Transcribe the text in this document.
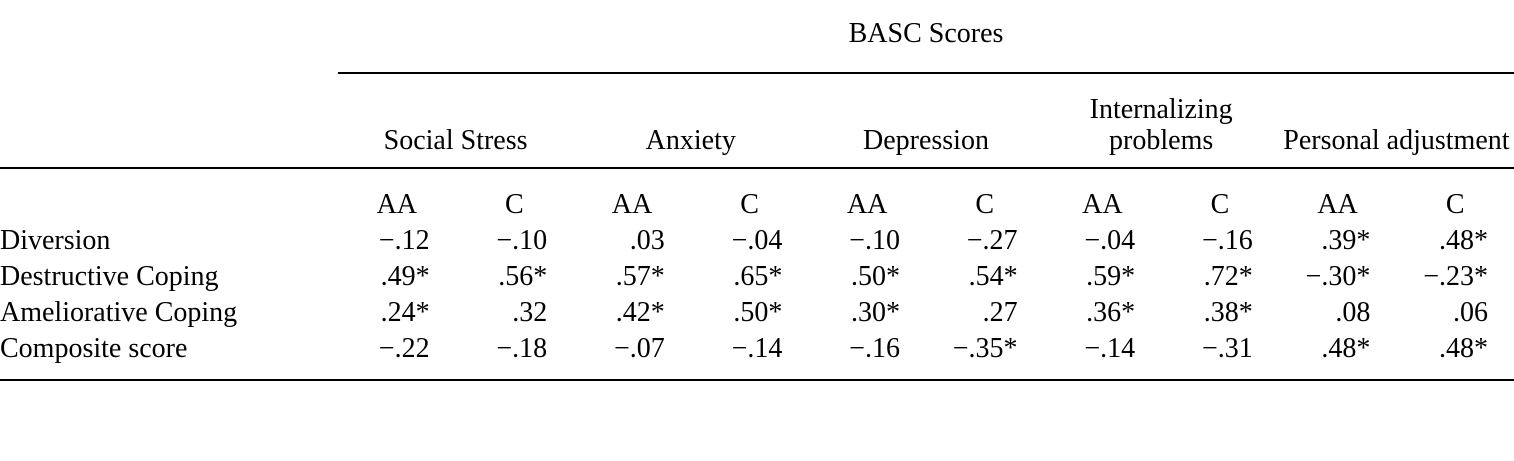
	BASC Scores									

	Social Stress		Anxiety		Depression		Internalizing problems		Personal adjustment	

	AA	C	AA	C	AA	C	AA	C	AA	C
Diversion	−.12	−.10	.03	−.04	−.10	−.27	−.04	−.16	.39*	.48*
Destructive Coping	.49*	.56*	.57*	.65*	.50*	.54*	.59*	.72*	−.30*	−.23*
Ameliorative Coping	.24*	.32	.42*	.50*	.30*	.27	.36*	.38*	.08	.06
Composite score	−.22	−.18	−.07	−.14	−.16	−.35*	−.14	−.31	.48*	.48*
